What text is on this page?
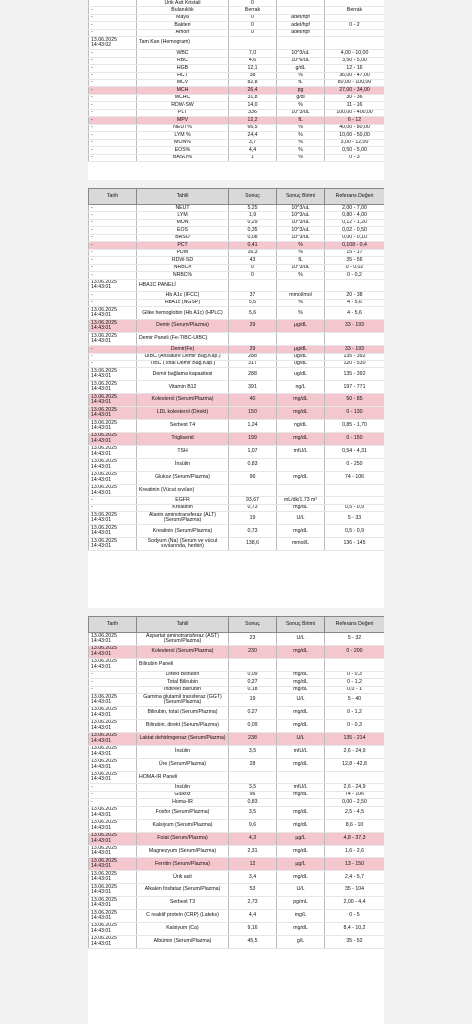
	Ürik Asit Kristali	0		
-	Bulanıklık	Berrak		Berrak
-	Maya	0	adet/hpf	
-	Bakteri	0	adet/hpf	0 - 2
-	Amorf	0	adet/hpf	
13.06.2025 14:43:02	Tam Kan (Hemogram)			
-	WBC	7,0	10^3/uL	4,00 - 10,00
-	RBC	4,6	10^6/uL	3,50 - 5,00
-	HGB	12,1	g/dL	12 - 16
-	HCT	38	%	36,00 - 47,00
-	MCV	82,8	fL	80,00 - 100,00
-	MCH	26,4	pg	27,00 - 34,00
-	MCHC	31,8	g/dl	30 - 36
-	RDW-SW	14,0	%	11 - 16
-	PLT	336	10^3/uL	100,00 - 400,00
-	MPV	12,2	fL	6 - 12
-	NEUT%	66,5	%	40,00 - 80,00
-	LYM %	24,4	%	10,00 - 50,00
-	MON%	3,7	%	3,00 - 12,00
-	EOS%	4,4	%	0,50 - 5,00
-	BASO%	1	%	0 - 3
Tarih	Tahlil	Sonuç	Sonuç Birimi	Referans Değeri
-	NEUT	5,25	10^3/uL	2,00 - 7,00
-	LYM	1,9	10^3/uL	0,80 - 4,00
-	MON	0,29	10^3/uL	0,12 - 1,20
-	EOS	0,35	10^3/uL	0,02 - 0,50
-	BASO	0,08	10^3/uL	0,00 - 0,10
-	PCT	0,41	%	0,108 - 0,4
-	PDW	16,3	%	15 - 17
-	RDW-SD	43	fL	35 - 56
-	NRBC#	0	10^3/uL	0 - 0,02
-	NRBC%	0	%	0 - 0,2
13.06.2025 14:43:01	HBA1C PANELİ			
-	Hb A1c (IFCC)	37	mmol/mol	20 - 38
-	HbA1c (NGSP)	5,6	%	4 - 5,6
13.06.2025 14:43:01	Glike hemoglobin (Hb A1c) (HPLC)	5,6	%	4 - 5,6
13.06.2025 14:43:01	Demir (Serum/Plazma)	29	µg/dL	33 - 193
13.06.2025 14:43:01	Demir Paneli (Fe-TIBC-UIBC)			
-	Demir(Fe)	29	µg/dL	33 - 193
-	UIBC (Ansatüre Demir Bağ.Kap.)	288	ug/dL	135 - 392
-	TIBC (Total Demir Bağ.Kap.)	317	ug/dL	120 - 530
13.06.2025 14:43:01	Demir bağlama kapasitesi	288	ug/dL	135 - 392
13.06.2025 14:43:01	Vitamin B12	391	ng/L	197 - 771
13.06.2025 14:43:01	Kolesterol (Serum/Plazma)	40	mg/dL	50 - 85
13.06.2025 14:43:01	LDL kolesterol (Direkt)	150	mg/dL	0 - 130
13.06.2025 14:43:01	Serbest T4	1,24	ng/dL	0,85 - 1,70
13.06.2025 14:43:01	Trigliserid	199	mg/dL	0 - 150
13.06.2025 14:43:01	TSH	1,07	mIU/L	0,54 - 4,31
13.06.2025 14:43:01	İnsülin	0,83		0 - 250
13.06.2025 14:43:01	Glukoz (Serum/Plazma)	96	mg/dL	74 - 106
13.06.2025 14:43:01	Kreatinin (Vücut sıvıları)			
-	EGFR	93,67	mL/dk/1.73 m²	
-	Kreatinin	0,73	mg/dL	0,5 - 0,9
13.06.2025 14:43:01	Alanin aminotransferaz (ALT) (Serum/Plazma)	19	U/L	5 - 33
13.06.2025 14:43:01	Kreatinin (Serum/Plazma)	0,73	mg/dL	0,5 - 0,9
13.06.2025 14:43:01	Sodyum (Na) (Serum ve vücut sıvılarında, herbiri)	138,6	mmol/L	136 - 145
Tarih	Tahlil	Sonuç	Sonuç Birimi	Referans Değeri
13.06.2025 14:43:01	Aspartat aminotransferaz (AST) (Serum/Plazma)	23	U/L	5 - 32
13.06.2025 14:43:01	Kolesterol (Serum/Plazma)	230	mg/dL	0 - 200
13.06.2025 14:43:01	Bilirubin Paneli			
-	Direkt Bilirubin	0,09	mg/dL	0 - 0,3
-	Total Bilirubin	0,27	mg/dL	0 - 1,2
-	İndirekt Bilirubin	0,18	mg/dL	0,0 - 1
13.06.2025 14:43:01	Gamma glutamil transferaz (GGT) (Serum/Plazma)	19	U/L	5 - 40
13.06.2025 14:43:01	Bilirubin, total (Serum/Plazma)	0,27	mg/dL	0 - 1,2
13.06.2025 14:43:01	Bilirubin, direkt (Serum/Plazma)	0,09	mg/dL	0 - 0,3
13.06.2025 14:43:01	Laktat dehidrogenaz (Serum/Plazma)	238	U/L	135 - 214
13.06.2025 14:43:01	İnsülin	3,5	mIU/L	2,6 - 24,9
13.06.2025 14:43:01	Üre (Serum/Plazma)	28	mg/dL	12,8 - 42,8
13.06.2025 14:43:01	HOMA-IR Paneli			
-	İnsülin	3,5	mIU/L	2,6 - 24,9
-	Glukoz	96	mg/dL	74 - 106
-	Homa-IR	0,83		0,00 - 2,50
13.06.2025 14:43:01	Fosfor (Serum/Plazma)	3,5	mg/dL	2,5 - 4,5
13.06.2025 14:43:01	Kalsiyum (Serum/Plazma)	9,6	mg/dL	8,6 - 10
13.06.2025 14:43:01	Folat (Serum/Plazma)	4,3	µg/L	4,8 - 37,3
13.06.2025 14:43:01	Magnezyum (Serum/Plazma)	2,31	mg/dL	1,6 - 2,6
13.06.2025 14:43:01	Ferritin (Serum/Plazma)	12	µg/L	13 - 150
13.06.2025 14:43:01	Ürik asit	3,4	mg/dL	2,4 - 5,7
13.06.2025 14:43:01	Alkalen fosfataz (Serum/Plazma)	53	U/L	35 - 104
13.06.2025 14:43:01	Serbest T3	2,73	pg/mL	2,00 - 4,4
13.06.2025 14:43:01	C reaktif protein (CRP) (Lateks)	4,4	mg/L	0 - 5
13.06.2025 14:43:01	Kalsiyum (Ca)	9,16	mg/dL	8,4 - 10,2
13.06.2025 14:43:01	Albümin (Serum/Plazma)	45,5	g/L	35 - 52
